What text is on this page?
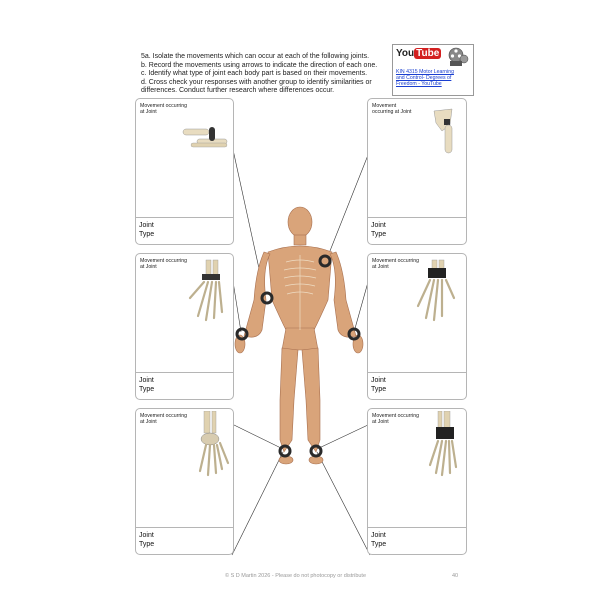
5a. Isolate the movements which can occur at each of the following joints.
b. Record the movements using arrows to indicate the direction of each one.
c. Identify what type of joint each body part is based on their movements.
d. Cross check your responses with another group to identify similarities or
differences. Conduct further research where differences occur.
You Tube
KIN 4315 Motor Learning
and Control- Degrees of
Freedom - YouTube
Movement occurring
at Joint
Joint
Type
Movement
occurring at Joint
Joint
Type
Movement occurring
at Joint
Joint
Type
Movement occurring
at Joint
Joint
Type
Movement occurring
at Joint
Joint
Type
Movement occurring
at Joint
Joint
Type
© S D Martin 2026 - Please do not photocopy or distribute	40
